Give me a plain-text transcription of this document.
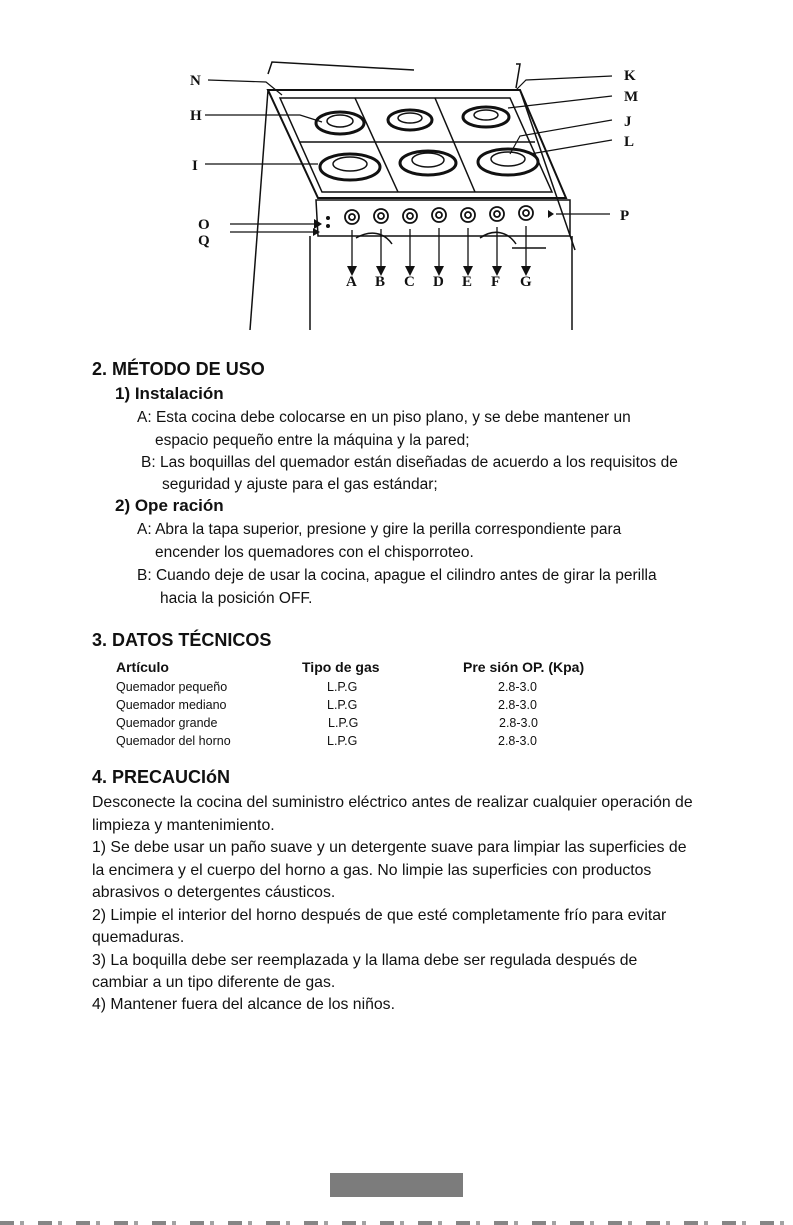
N
H
I
O
Q
K
M
J
L
P
A B C D E F G
2. MÉTODO DE USO
1) Instalación
A: Esta cocina debe colocarse en un piso plano, y se debe mantener un
espacio pequeño entre la máquina y la pared;
B: Las boquillas del quemador están diseñadas de acuerdo a los requisitos de
seguridad y ajuste para el gas estándar;
2) Ope ración
A: Abra la tapa superior, presione y gire la perilla correspondiente para
encender los quemadores con el chisporroteo.
B: Cuando deje de usar la cocina, apague el cilindro antes de girar la perilla
hacia la posición OFF.
3. DATOS TÉCNICOS
Artículo	Tipo de gas	Pre sión OP. (Kpa)
Quemador pequeño	L.P.G	2.8-3.0
Quemador mediano	L.P.G	2.8-3.0
Quemador grande	L.P.G	2.8-3.0
Quemador del horno	L.P.G	2.8-3.0
4. PRECAUCIóN
Desconecte la cocina del suministro eléctrico antes de realizar cualquier operación de
limpieza y mantenimiento.
1) Se debe usar un paño suave y un detergente suave para limpiar las superficies de
la encimera y el cuerpo del horno a gas. No limpie las superficies con productos
abrasivos o detergentes cáusticos.
2) Limpie el interior del horno después de que esté completamente frío para evitar
quemaduras.
3) La boquilla debe ser reemplazada y la llama debe ser regulada después de
cambiar a un tipo diferente de gas.
4) Mantener fuera del alcance de los niños.
